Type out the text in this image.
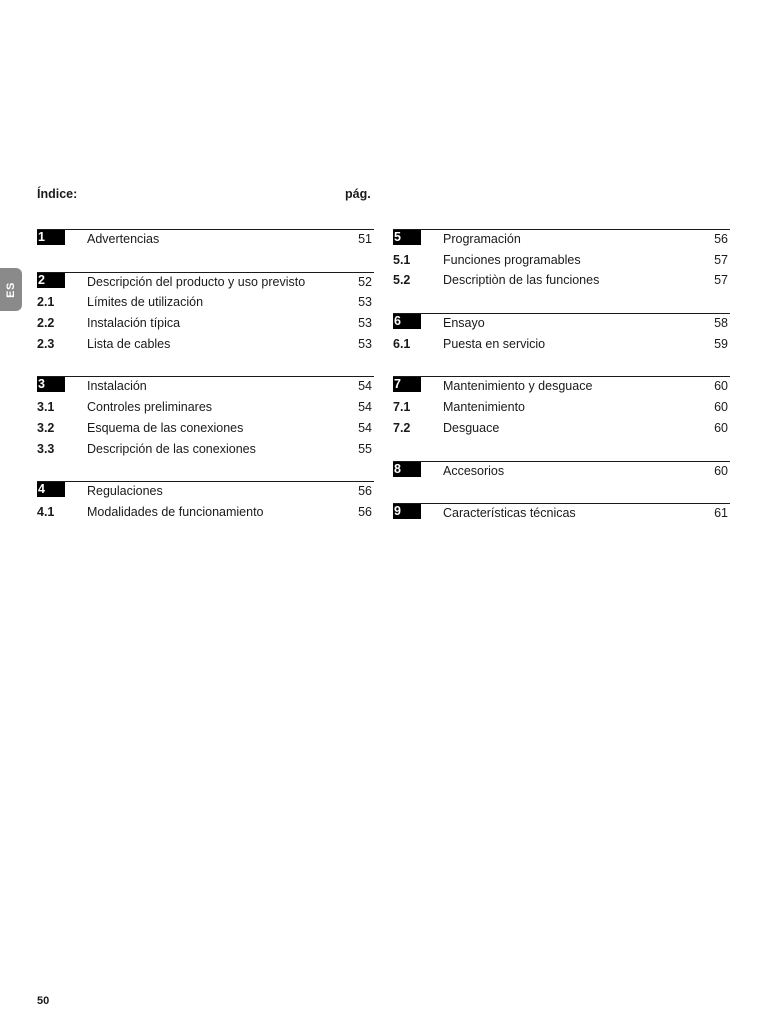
ES
Índice:	pág.
1	Advertencias	51
2	Descripción del producto y uso previsto	52
2.1	Límites de utilización	53
2.2	Instalación típica	53
2.3	Lista de cables	53
3	Instalación	54
3.1	Controles preliminares	54
3.2	Esquema de las conexiones	54
3.3	Descripción de las conexiones	55
4	Regulaciones	56
4.1	Modalidades de funcionamiento	56
5	Programación	56
5.1	Funciones programables	57
5.2	Descriptiòn de las funciones	57
6	Ensayo	58
6.1	Puesta en servicio	59
7	Mantenimiento y desguace	60
7.1	Mantenimiento	60
7.2	Desguace	60
8	Accesorios	60
9	Características técnicas	61
50
